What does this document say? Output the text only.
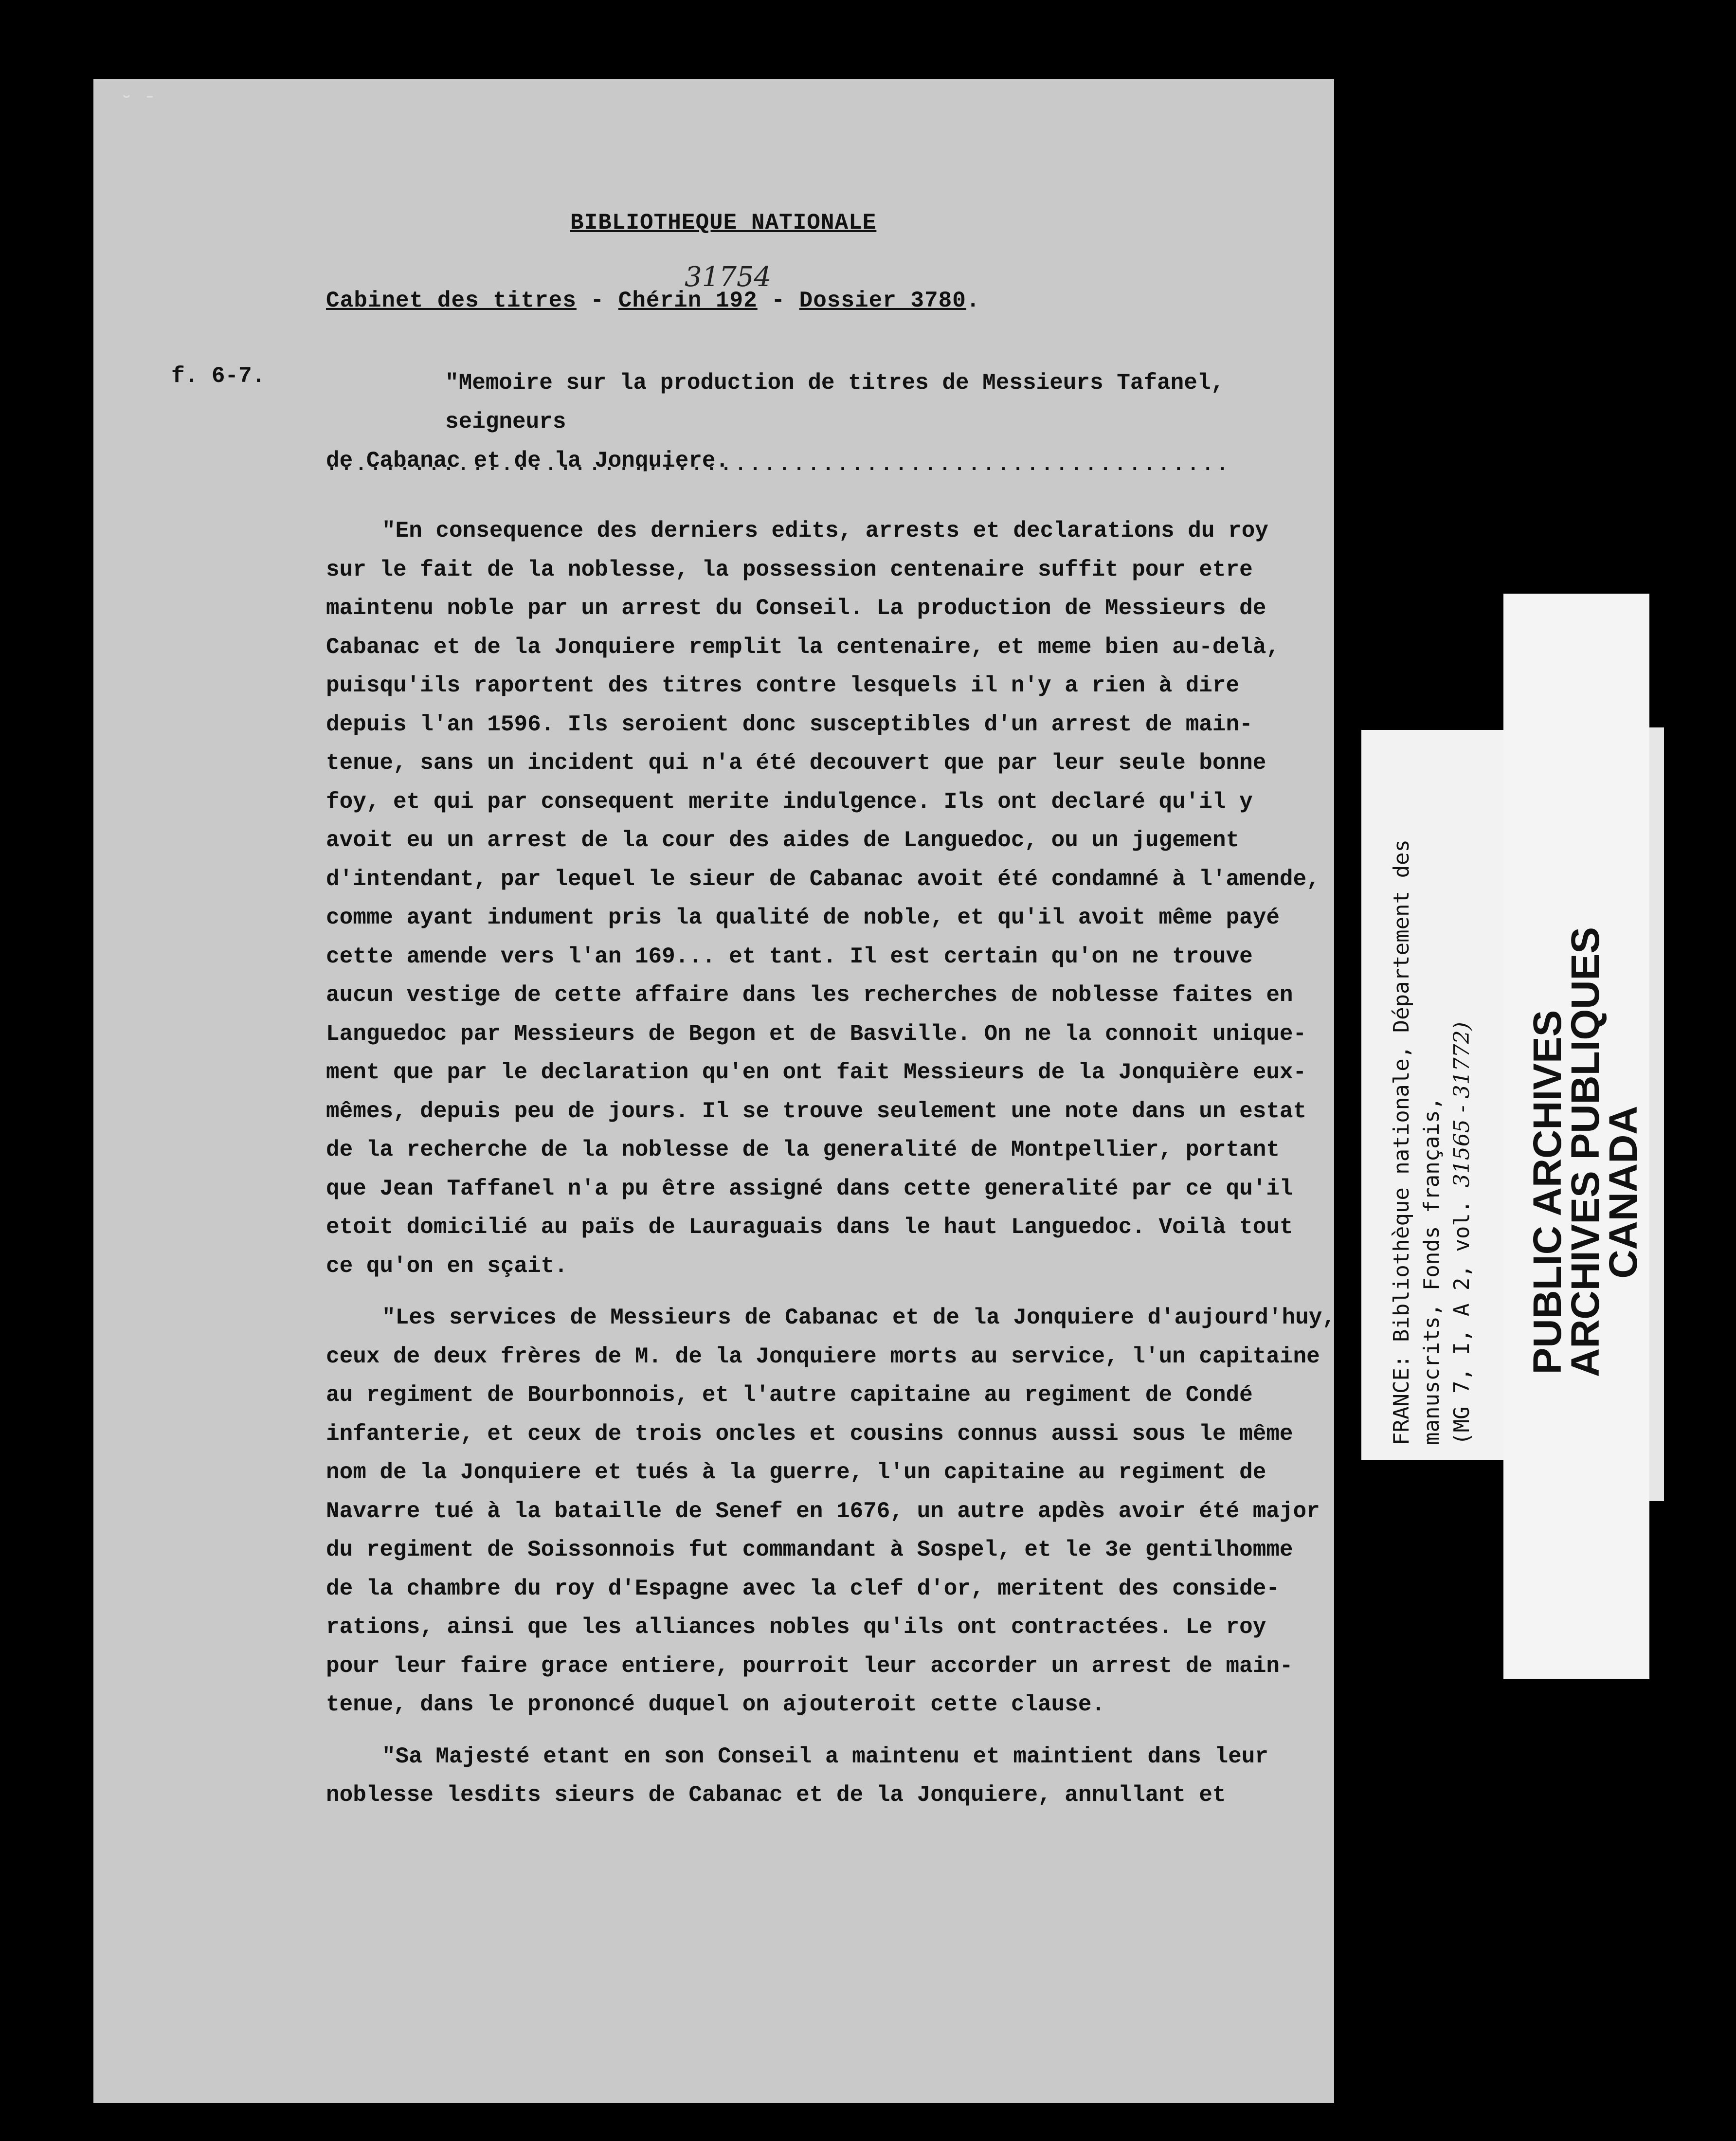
˘ ˉ
BIBLIOTHEQUE NATIONALE
31754
Cabinet des titres - Chérin 192 - Dossier 3780.
f. 6-7.	"Memoire sur la production de titres de Messieurs Tafanel, seigneurs
de Cabanac et de la Jonquiere.
"En consequence des derniers edits, arrests et declarations du roy
sur le fait de la noblesse, la possession centenaire suffit pour etre
maintenu noble par un arrest du Conseil. La production de Messieurs de
Cabanac et de la Jonquiere remplit la centenaire, et meme bien au-delà,
puisqu'ils raportent des titres contre lesquels il n'y a rien à dire
depuis l'an 1596. Ils seroient donc susceptibles d'un arrest de main-
tenue, sans un incident qui n'a été decouvert que par leur seule bonne
foy, et qui par consequent merite indulgence. Ils ont declaré qu'il y
avoit eu un arrest de la cour des aides de Languedoc, ou un jugement
d'intendant, par lequel le sieur de Cabanac avoit été condamné à l'amende,
comme ayant indument pris la qualité de noble, et qu'il avoit même payé
cette amende vers l'an 169... et tant. Il est certain qu'on ne trouve
aucun vestige de cette affaire dans les recherches de noblesse faites en
Languedoc par Messieurs de Begon et de Basville. On ne la connoit unique-
ment que par le declaration qu'en ont fait Messieurs de la Jonquière eux-
mêmes, depuis peu de jours. Il se trouve seulement une note dans un estat
de la recherche de la noblesse de la generalité de Montpellier, portant
que Jean Taffanel n'a pu être assigné dans cette generalité par ce qu'il
etoit domicilié au païs de Lauraguais dans le haut Languedoc. Voilà tout
ce qu'on en sçait.
"Les services de Messieurs de Cabanac et de la Jonquiere d'aujourd'huy,
ceux de deux frères de M. de la Jonquiere morts au service, l'un capitaine
au regiment de Bourbonnois, et l'autre capitaine au regiment de Condé
infanterie, et ceux de trois oncles et cousins connus aussi sous le même
nom de la Jonquiere et tués à la guerre, l'un capitaine au regiment de
Navarre tué à la bataille de Senef en 1676, un autre apdès avoir été major
du regiment de Soissonnois fut commandant à Sospel, et le 3e gentilhomme
de la chambre du roy d'Espagne avec la clef d'or, meritent des conside-
rations, ainsi que les alliances nobles qu'ils ont contractées. Le roy
pour leur faire grace entiere, pourroit leur accorder un arrest de main-
tenue, dans le prononcé duquel on ajouteroit cette clause.
"Sa Majesté etant en son Conseil a maintenu et maintient dans leur
noblesse lesdits sieurs de Cabanac et de la Jonquiere, annullant et
FRANCE: Bibliothèque nationale, Département des manuscrits, Fonds français, (MG 7, I, A 2, vol. 31565 - 31772) PUBLIC ARCHIVES
ARCHIVES PUBLIQUES
CANADA
